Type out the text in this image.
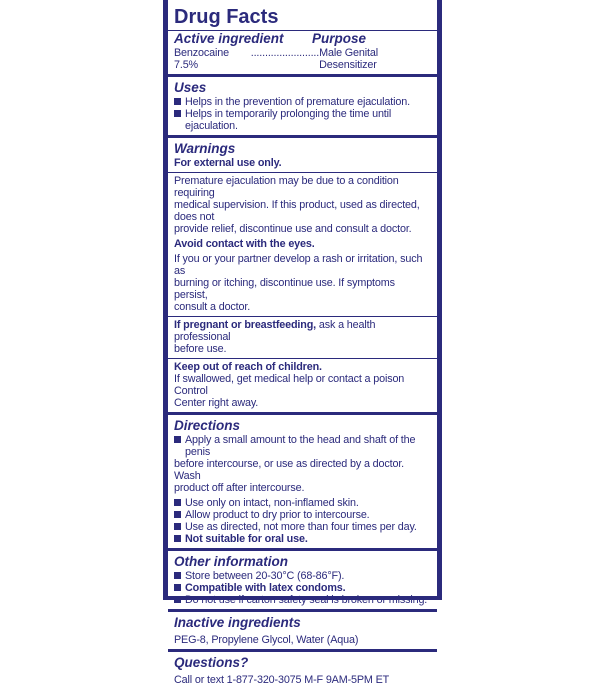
Drug Facts
Active ingredient	Purpose
Benzocaine 7.5%
........................ Male Genital Desensitizer
Uses
Helps in the prevention of premature ejaculation.
Helps in temporarily prolonging the time until ejaculation.
Warnings
For external use only.
Premature ejaculation may be due to a condition requiring
medical supervision. If this product, used as directed, does not
provide relief, discontinue use and consult a doctor.
Avoid contact with the eyes.
If you or your partner develop a rash or irritation, such as
burning or itching, discontinue use. If symptoms persist,
consult a doctor.
If pregnant or breastfeeding, ask a health professional
before use.
Keep out of reach of children.
If swallowed, get medical help or contact a poison Control
Center right away.
Directions
Apply a small amount to the head and shaft of the penis
before intercourse, or use as directed by a doctor. Wash
product off after intercourse.
Use only on intact, non-inflamed skin.
Allow product to dry prior to intercourse.
Use as directed, not more than four times per day.
Not suitable for oral use.
Other information
Store between 20-30°C (68-86°F).
Compatible with latex condoms.
Do not use if carton safety seal is broken or missing.
Inactive ingredients
PEG-8, Propylene Glycol, Water (Aqua)
Questions?
Call or text 1-877-320-3075 M-F 9AM-5PM ET
